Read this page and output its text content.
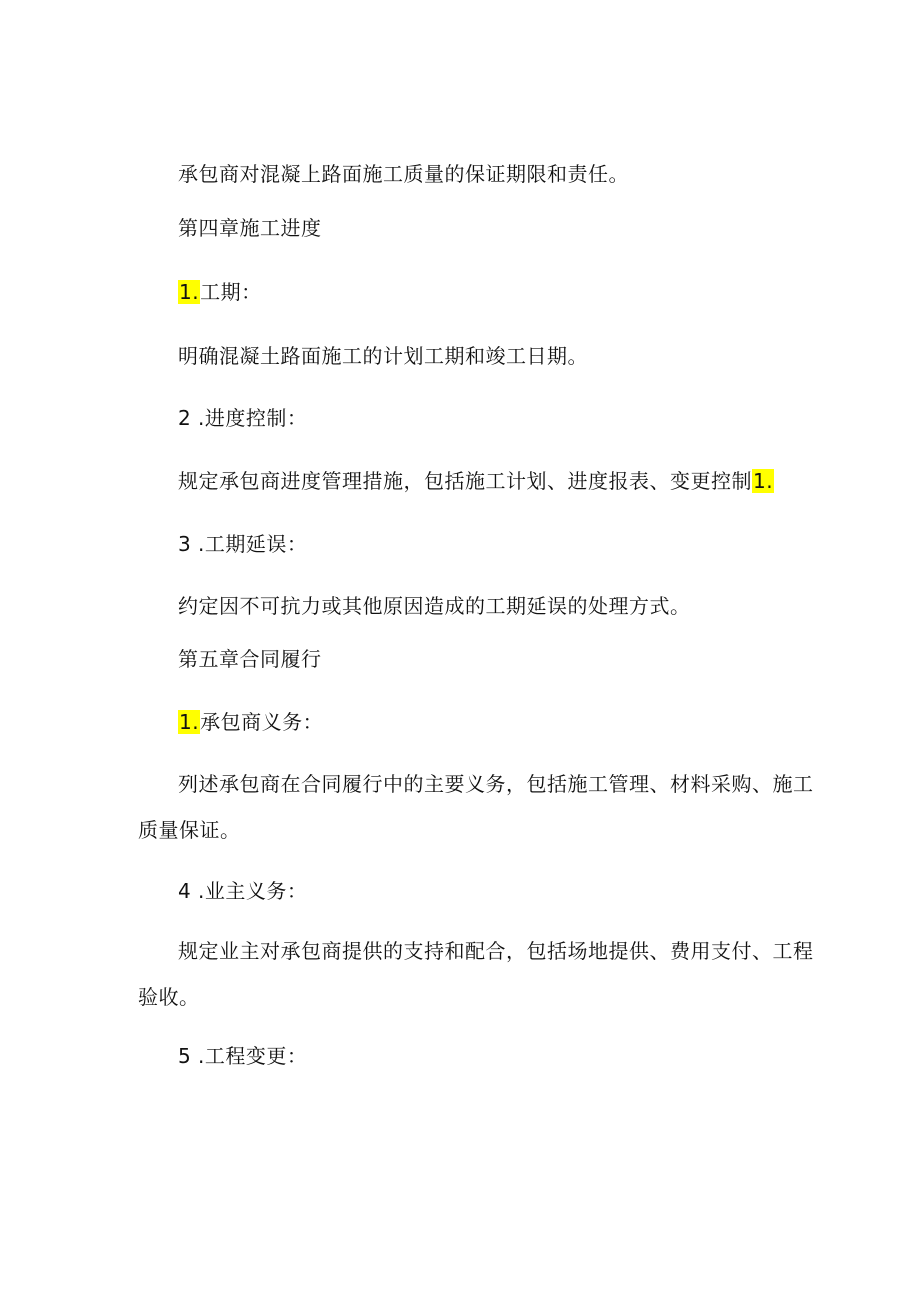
承包商对混凝上路面施工质量的保证期限和责任。
第四章施工进度
1.工期：
明确混凝土路面施工的计划工期和竣工日期。
2 .进度控制：
规定承包商进度管理措施，包括施工计划、进度报表、变更控制1.
3 .工期延误：
约定因不可抗力或其他原因造成的工期延误的处理方式。
第五章合同履行
1.承包商义务：
列述承包商在合同履行中的主要义务，包括施工管理、材料采购、施工
质量保证。
4 .业主义务：
规定业主对承包商提供的支持和配合，包括场地提供、费用支付、工程
验收。
5 .工程变更：
